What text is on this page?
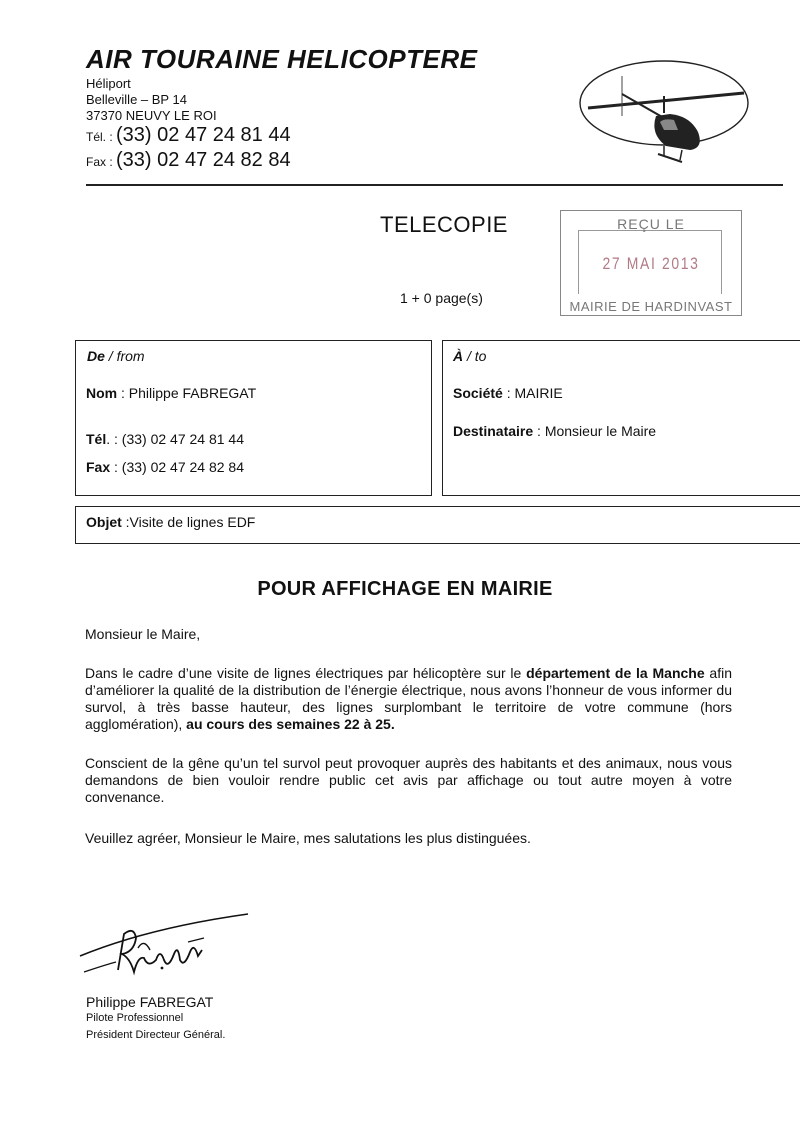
AIR TOURAINE HELICOPTERE
Héliport
Belleville – BP 14
37370 NEUVY LE ROI
Tél. : (33) 02 47 24 81 44
Fax : (33) 02 47 24 82 84
TELECOPIE
1 + 0 page(s)
REÇU LE
27 MAI 2013
MAIRIE DE HARDINVAST
De / from
Nom : Philippe FABREGAT
Tél. : (33) 02 47 24 81 44
Fax : (33) 02 47 24 82 84
À / to
Société : MAIRIE
Destinataire : Monsieur le Maire
Objet :Visite de lignes EDF
POUR AFFICHAGE EN MAIRIE
Monsieur le Maire,
Dans le cadre d’une visite de lignes électriques par hélicoptère sur le département de la Manche afin d’améliorer la qualité de la distribution de l’énergie électrique, nous avons l’honneur de vous informer du survol, à très basse hauteur, des lignes surplombant le territoire de votre commune (hors agglomération), au cours des semaines 22 à 25.
Conscient de la gêne qu’un tel survol peut provoquer auprès des habitants et des animaux, nous vous demandons de bien vouloir rendre public cet avis par affichage ou tout autre moyen à votre convenance.
Veuillez agréer, Monsieur le Maire, mes salutations les plus distinguées.
Philippe FABREGAT
Pilote Professionnel
Président Directeur Général.
